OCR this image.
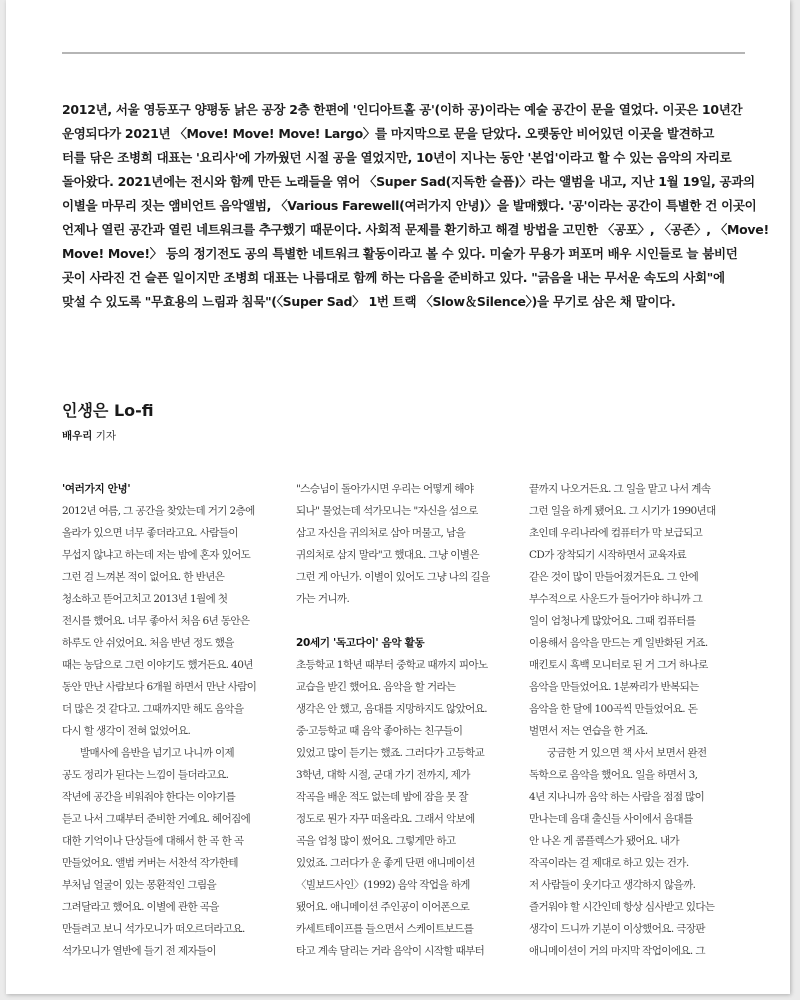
2012년, 서울 영등포구 양평동 낡은 공장 2층 한편에 '인디아트홀 공'(이하 공)이라는 예술 공간이 문을 열었다. 이곳은 10년간
운영되다가 2021년 〈Move! Move! Move! Largo〉를 마지막으로 문을 닫았다. 오랫동안 비어있던 이곳을 발견하고
터를 닦은 조병희 대표는 '요리사'에 가까웠던 시절 공을 열었지만, 10년이 지나는 동안 '본업'이라고 할 수 있는 음악의 자리로
돌아왔다. 2021년에는 전시와 함께 만든 노래들을 엮어 〈Super Sad(지독한 슬픔)〉라는 앨범을 내고, 지난 1월 19일, 공과의
이별을 마무리 짓는 앰비언트 음악앨범, 〈Various Farewell(여러가지 안녕)〉을 발매했다. '공'이라는 공간이 특별한 건 이곳이
언제나 열린 공간과 열린 네트워크를 추구했기 때문이다. 사회적 문제를 환기하고 해결 방법을 고민한 〈공포〉, 〈공존〉, 〈Move!
Move! Move!〉 등의 정기전도 공의 특별한 네트워크 활동이라고 볼 수 있다. 미술가 무용가 퍼포머 배우 시인들로 늘 붐비던
곳이 사라진 건 슬픈 일이지만 조병희 대표는 나름대로 함께 하는 다음을 준비하고 있다. "긁음을 내는 무서운 속도의 사회"에
맞설 수 있도록 "무효용의 느림과 침묵"(〈Super Sad〉 1번 트랙 〈Slow＆Silence〉)을 무기로 삼은 채 말이다.
인생은 Lo-fi
배우리 기자
'여러가지 안녕'
2012년 여름, 그 공간을 찾았는데 거기 2층에
올라가 있으면 너무 좋더라고요. 사람들이
무섭지 않냐고 하는데 저는 밤에 혼자 있어도
그런 걸 느껴본 적이 없어요. 한 반년은
청소하고 뜯어고치고 2013년 1월에 첫
전시를 했어요. 너무 좋아서 처음 6년 동안은
하루도 안 쉬었어요. 처음 반년 정도 했을
때는 농담으로 그런 이야기도 했거든요. 40년
동안 만난 사람보다 6개월 하면서 만난 사람이
더 많은 것 같다고. 그때까지만 해도 음악을
다시 할 생각이 전혀 없었어요.
발매사에 음반을 넘기고 나니까 이제
공도 정리가 된다는 느낌이 들더라고요.
작년에 공간을 비워줘야 한다는 이야기를
듣고 나서 그때부터 준비한 거예요. 헤어짐에
대한 기억이나 단상들에 대해서 한 곡 한 곡
만들었어요. 앨범 커버는 서찬석 작가한테
부처님 얼굴이 있는 몽환적인 그림을
그려달라고 했어요. 이별에 관한 곡을
만들려고 보니 석가모니가 떠오르더라고요.
석가모니가 열반에 들기 전 제자들이
"스승님이 돌아가시면 우리는 어떻게 해야
되나" 물었는데 석가모니는 "자신을 섬으로
삼고 자신을 귀의처로 삼아 머물고, 남을
귀의처로 삼지 말라"고 했대요. 그냥 이별은
그런 게 아닌가. 이별이 있어도 그냥 나의 길을
가는 거니까.
20세기 '독고다이' 음악 활동
초등학교 1학년 때부터 중학교 때까지 피아노
교습을 받긴 했어요. 음악을 할 거라는
생각은 안 했고, 음대를 지망하지도 않았어요.
중·고등학교 때 음악 좋아하는 친구들이
있었고 많이 듣기는 했죠. 그러다가 고등학교
3학년, 대학 시절, 군대 가기 전까지, 제가
작곡을 배운 적도 없는데 밤에 잠을 못 잘
정도로 뭔가 자꾸 떠올라요. 그래서 악보에
곡을 엄청 많이 썼어요. 그렇게만 하고
있었죠. 그러다가 운 좋게 단편 애니메이션
〈빌보드사인〉(1992) 음악 작업을 하게
됐어요. 애니메이션 주인공이 이어폰으로
카세트테이프를 들으면서 스케이트보드를
타고 계속 달리는 거라 음악이 시작할 때부터
끝까지 나오거든요. 그 일을 맡고 나서 계속
그런 일을 하게 됐어요. 그 시기가 1990년대
초인데 우리나라에 컴퓨터가 막 보급되고
CD가 장착되기 시작하면서 교육자료
같은 것이 많이 만들어졌거든요. 그 안에
부수적으로 사운드가 들어가야 하니까 그
일이 엄청나게 많았어요. 그때 컴퓨터를
이용해서 음악을 만드는 게 일반화된 거죠.
매킨토시 흑백 모니터로 된 거 그거 하나로
음악을 만들었어요. 1분짜리가 반복되는
음악을 한 달에 100곡씩 만들었어요. 돈
벌면서 저는 연습을 한 거죠.
궁금한 거 있으면 책 사서 보면서 완전
독학으로 음악을 했어요. 일을 하면서 3,
4년 지나니까 음악 하는 사람을 점점 많이
만나는데 음대 출신들 사이에서 음대를
안 나온 게 콤플렉스가 됐어요. 내가
작곡이라는 걸 제대로 하고 있는 건가.
저 사람들이 웃기다고 생각하지 않을까.
즐거워야 할 시간인데 항상 심사받고 있다는
생각이 드니까 기분이 이상했어요. 극장판
애니메이션이 거의 마지막 작업이에요. 그
